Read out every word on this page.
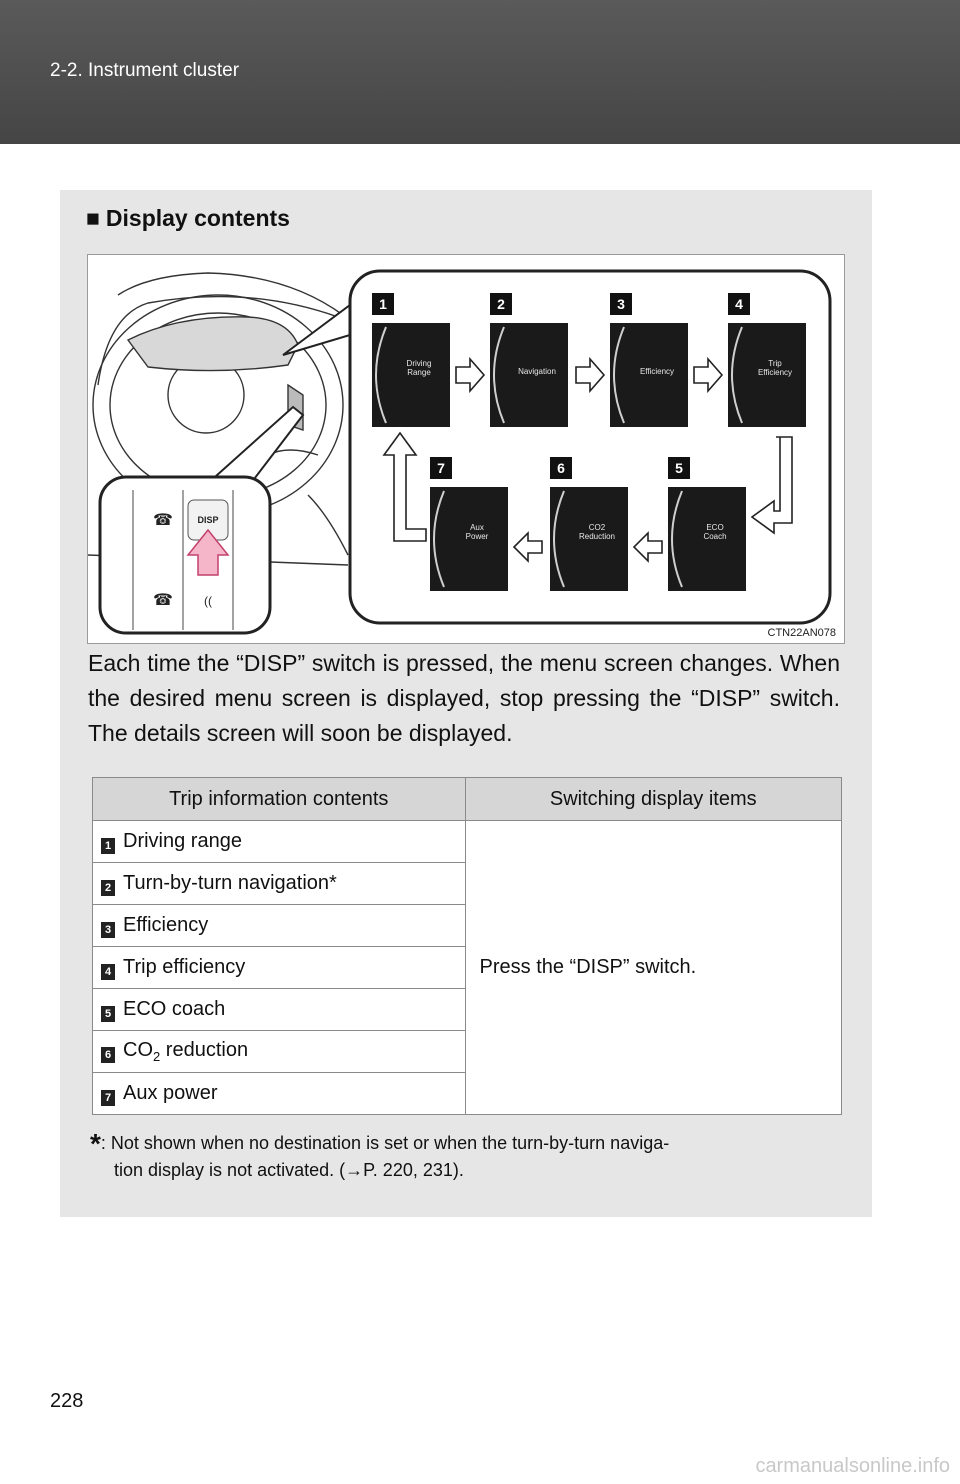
2-2. Instrument cluster
■ Display contents
DISP
☎
☎	((
1	2	3	4
7	6	5
Driving
Range	Navigation	Efficiency
Trip
Efficiency
Aux
Power
CO2
Reduction
ECO
Coach
CTN22AN078
Each time the “DISP” switch is pressed, the menu screen changes. When the desired menu screen is displayed, stop pressing the “DISP” switch. The details screen will soon be displayed.
Trip information contents	Switching display items
1 Driving range	Press the “DISP” switch.
2 Turn-by-turn navigation*	
3 Efficiency	
4 Trip efficiency	
5 ECO coach	
6 $CO_2$ reduction	
7 Aux power	
*: Not shown when no destination is set or when the turn-by-turn naviga-
tion display is not activated. (→P. 220, 231).
228
carmanualsonline.info
